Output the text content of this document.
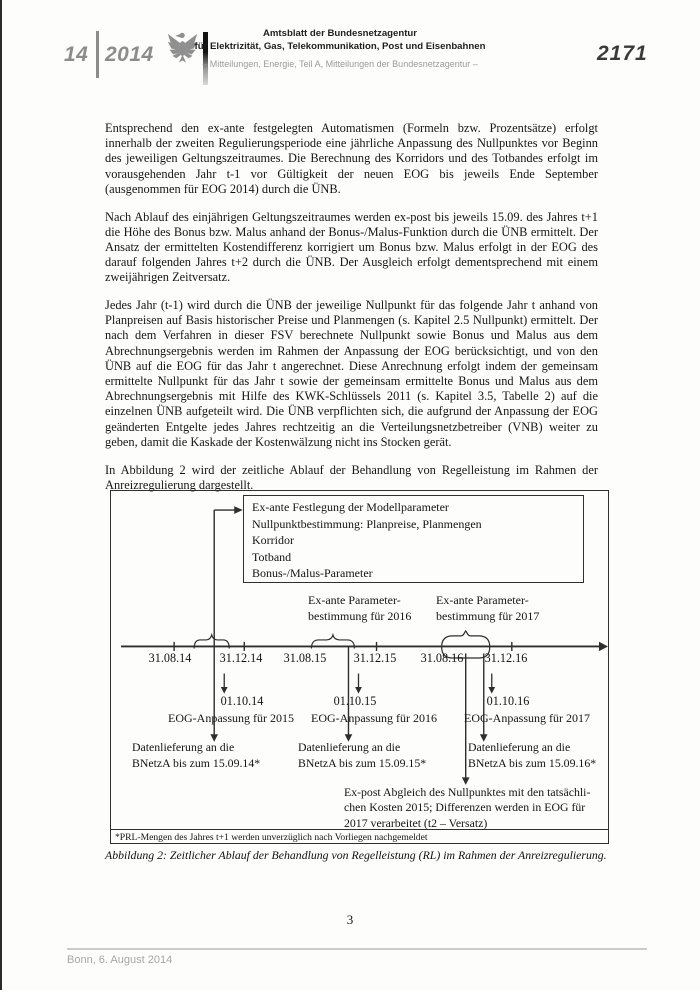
14 2014
Amtsblatt der Bundesnetzagentur
für Elektrizität, Gas, Telekommunikation, Post und Eisenbahnen
– Mitteilungen, Energie, Teil A, Mitteilungen der Bundesnetzagentur –	2171

Entsprechend den ex-ante festgelegten Automatismen (Formeln bzw. Prozentsätze) erfolgt innerhalb der zweiten Regulierungsperiode eine jährliche Anpassung des Nullpunktes vor Beginn des jeweiligen Geltungszeitraumes. Die Berechnung des Korridors und des Totbandes erfolgt im vorausgehenden Jahr t-1 vor Gültigkeit der neuen EOG bis jeweils Ende September (ausgenommen für EOG 2014) durch die ÜNB.

Nach Ablauf des einjährigen Geltungszeitraumes werden ex-post bis jeweils 15.09. des Jahres t+1 die Höhe des Bonus bzw. Malus anhand der Bonus-/Malus-Funktion durch die ÜNB ermittelt. Der Ansatz der ermittelten Kostendifferenz korrigiert um Bonus bzw. Malus erfolgt in der EOG des darauf folgenden Jahres t+2 durch die ÜNB. Der Ausgleich erfolgt dementsprechend mit einem zweijährigen Zeitversatz.

Jedes Jahr (t-1) wird durch die ÜNB der jeweilige Nullpunkt für das folgende Jahr t anhand von Planpreisen auf Basis historischer Preise und Planmengen (s. Kapitel 2.5 Nullpunkt) ermittelt. Der nach dem Verfahren in dieser FSV berechnete Nullpunkt sowie Bonus und Malus aus dem Abrechnungsergebnis werden im Rahmen der Anpassung der EOG berücksichtigt, und von den ÜNB auf die EOG für das Jahr t angerechnet. Diese Anrechnung erfolgt indem der gemeinsam ermittelte Nullpunkt für das Jahr t sowie der gemeinsam ermittelte Bonus und Malus aus dem Abrechnungsergebnis mit Hilfe des KWK-Schlüssels 2011 (s. Kapitel 3.5, Tabelle 2) auf die einzelnen ÜNB aufgeteilt wird. Die ÜNB verpflichten sich, die aufgrund der Anpassung der EOG geänderten Entgelte jedes Jahres rechtzeitig an die Verteilungsnetzbetreiber (VNB) weiter zu geben, damit die Kaskade der Kostenwälzung nicht ins Stocken gerät.

In Abbildung 2 wird der zeitliche Ablauf der Behandlung von Regelleistung im Rahmen der Anreizregulierung dargestellt.

Ex-ante Festlegung der Modellparameter
Nullpunktbestimmung: Planpreise, Planmengen
Korridor
Totband
Bonus-/Malus-Parameter
Ex-ante Parameter-
bestimmung für 2016
Ex-ante Parameter-
bestimmung für 2017
31.08.14 31.12.14 31.08.15 31.12.15 31.08.16 31.12.16
01.10.14	01.10.15	01.10.16
EOG-Anpassung für 2015 EOG-Anpassung für 2016 EOG-Anpassung für 2017
Datenlieferung an die
BNetzA bis zum 15.09.14*
Datenlieferung an die
BNetzA bis zum 15.09.15*
Datenlieferung an die
BNetzA bis zum 15.09.16*
Ex-post Abgleich des Nullpunktes mit den tatsächli-
chen Kosten 2015; Differenzen werden in EOG für
2017 verarbeitet (t2 – Versatz)
*PRL-Mengen des Jahres t+1 werden unverzüglich nach Vorliegen nachgemeldet
Abbildung 2: Zeitlicher Ablauf der Behandlung von Regelleistung (RL) im Rahmen der Anreizregulierung.
3
Bonn, 6. August 2014
